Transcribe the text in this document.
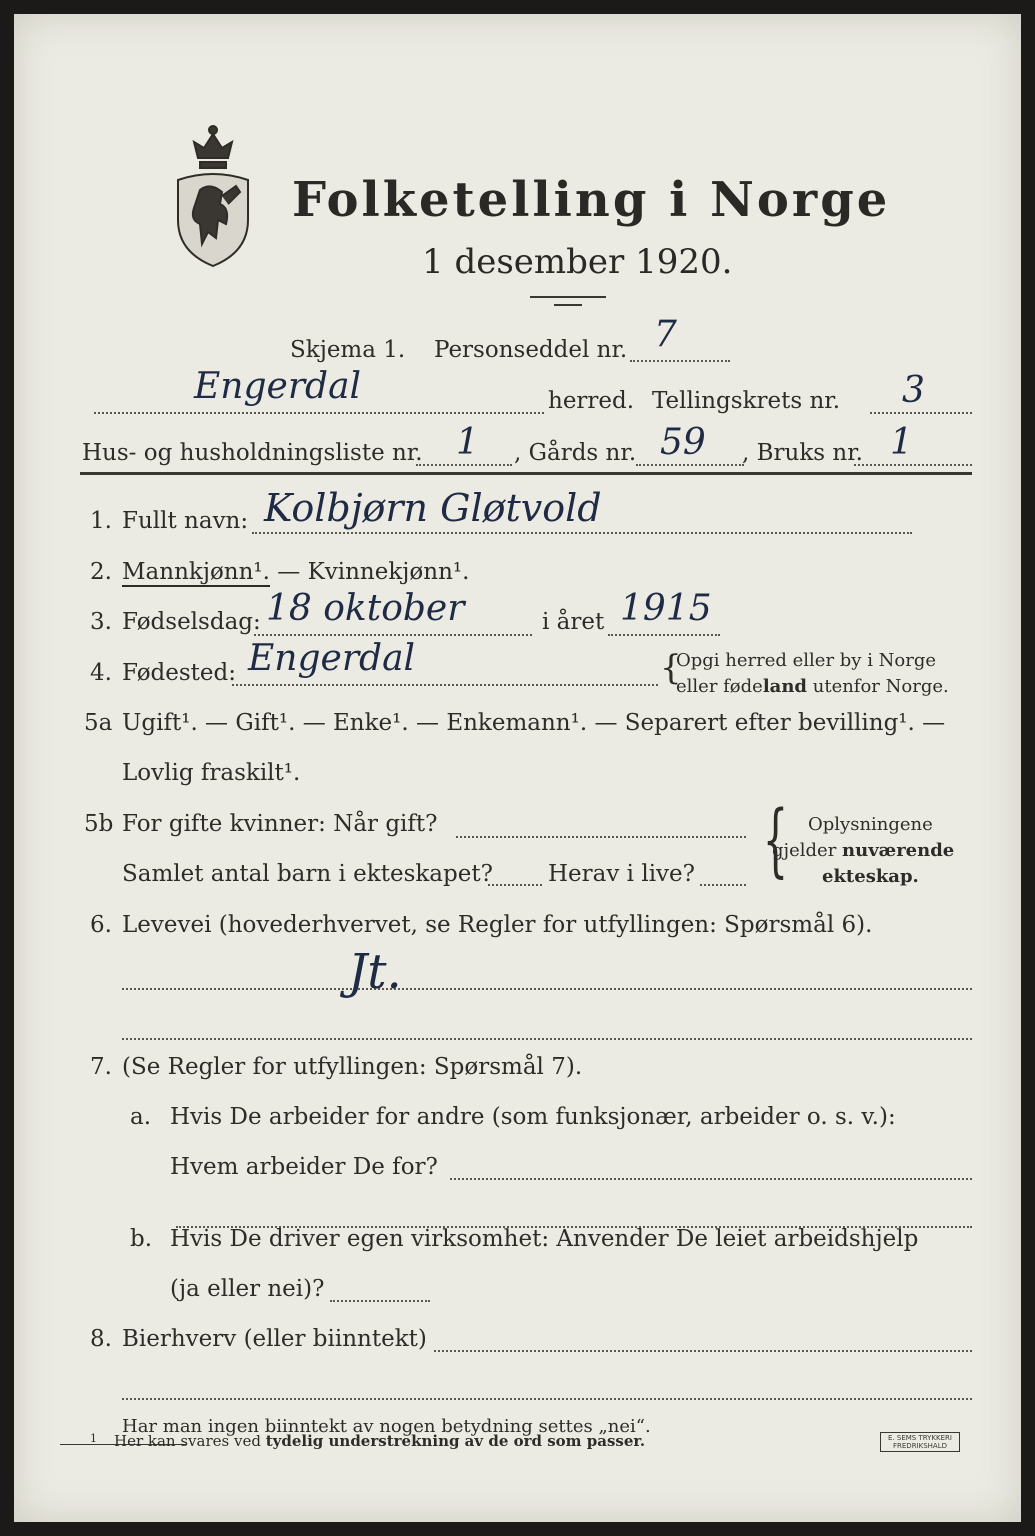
Folketelling i Norge
1 desember 1920.
Skjema 1. Personseddel nr. 7
Engerdal	herred. Tellingskrets nr. 3
Hus- og husholdningsliste nr. 1 , Gårds nr. 59 , Bruks nr. 1
1. Fullt navn: Kolbjørn Gløtvold
2. Mannkjønn¹. — Kvinnekjønn¹.
3. Fødselsdag: 18 oktober	i året 1915
4. Fødested: Engerdal	{
Opgi herred eller by i Norge
eller fødeland utenfor Norge.
5a Ugift¹. — Gift¹. — Enke¹. — Enkemann¹. — Separert efter bevilling¹. —
Lovlig fraskilt¹.
5b For gifte kvinner: Når gift?
Samlet antal barn i ekteskapet? Herav i live? { Oplysningene
gjelder nuværende
ekteskap.
6. Levevei (hovederhvervet, se Regler for utfyllingen: Spørsmål 6).
Jt.
7. (Se Regler for utfyllingen: Spørsmål 7).
a. Hvis De arbeider for andre (som funksjonær, arbeider o. s. v.):
Hvem arbeider De for?
b. Hvis De driver egen virksomhet: Anvender De leiet arbeidshjelp
(ja eller nei)?
8. Bierhverv (eller biinntekt)
Har man ingen biinntekt av nogen betydning settes „nei“.
1 Her kan svares ved tydelig understrekning av de ord som passer.	E. SEMS TRYKKERI
FREDRIKSHALD
